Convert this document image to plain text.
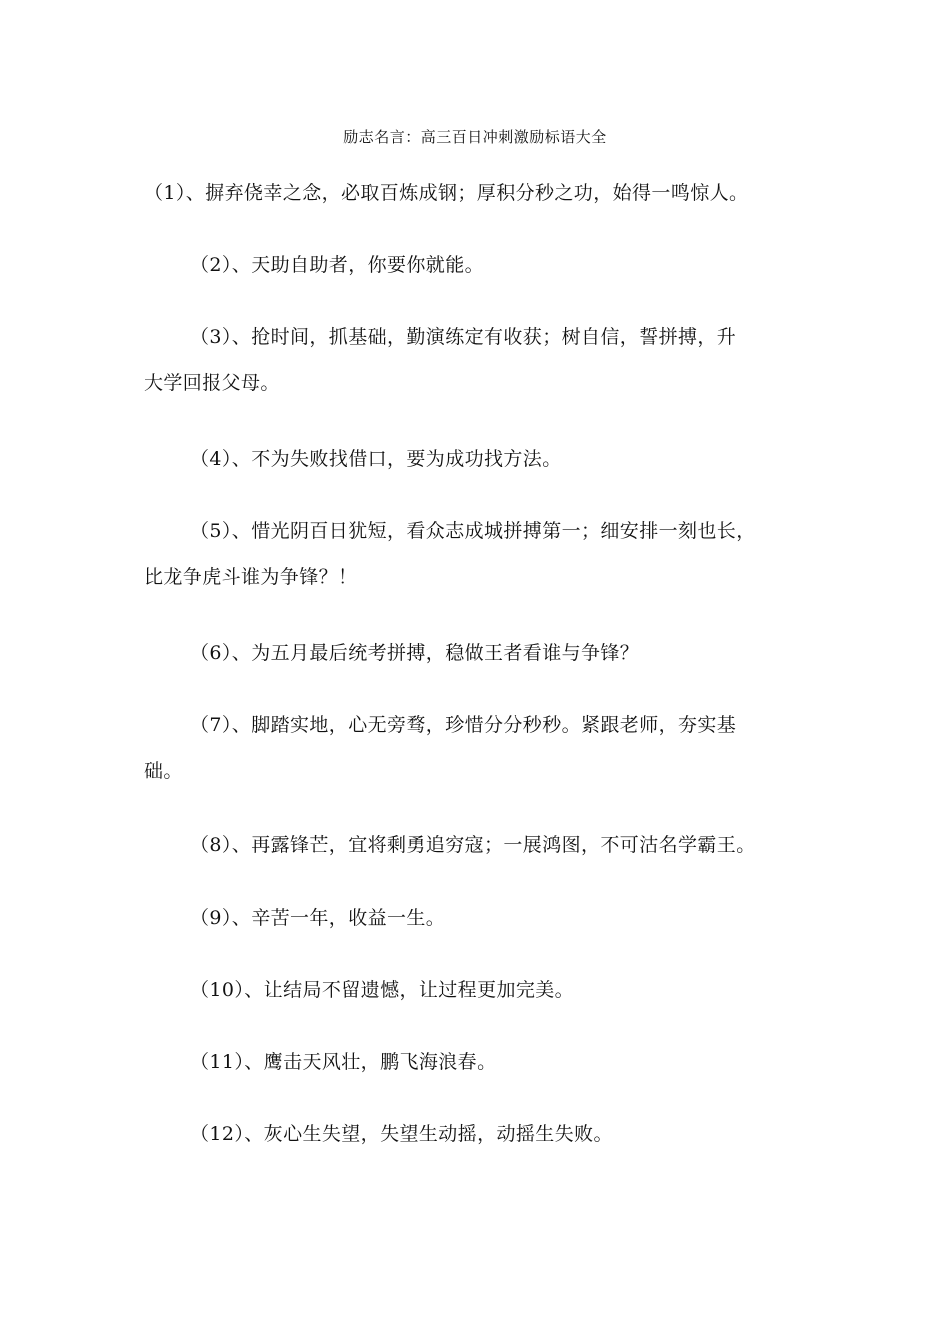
励志名言：高三百日冲刺激励标语大全
（1）、摒弃侥幸之念，必取百炼成钢；厚积分秒之功，始得一鸣惊人。
（2）、天助自助者，你要你就能。
（3）、抢时间，抓基础，勤演练定有收获；树自信，誓拼搏，升
大学回报父母。
（4）、不为失败找借口，要为成功找方法。
（5）、惜光阴百日犹短，看众志成城拼搏第一；细安排一刻也长，
比龙争虎斗谁为争锋？！
（6）、为五月最后统考拼搏，稳做王者看谁与争锋？
（7）、脚踏实地，心无旁骛，珍惜分分秒秒。紧跟老师，夯实基
础。
（8）、再露锋芒，宜将剩勇追穷寇；一展鸿图，不可沽名学霸王。
（9）、辛苦一年，收益一生。
（10）、让结局不留遗憾，让过程更加完美。
（11）、鹰击天风壮，鹏飞海浪春。
（12）、灰心生失望，失望生动摇，动摇生失败。
